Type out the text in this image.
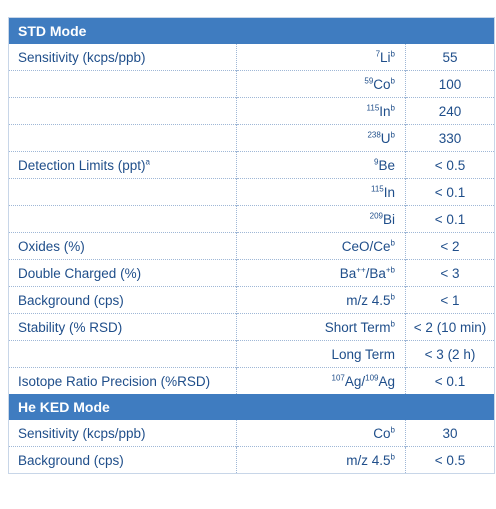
STD Mode
Sensitivity (kcps/ppb)	$^7$Li$^b$	55
	$^{59}$Co$^b$	100
	$^{115}$In$^b$	240
	$^{238}U^b$	330
Detection Limits (ppt)$^a$	$^9$Be	< 0.5
	$^{115}$In	< 0.1
	$^{209}$Bi	< 0.1
Oxides (%)	CeO/$Ce^b$	< 2
Double Charged (%)	$Ba^{++}/Ba^{+b}$	< 3
Background (cps)	m/z 4.5$^b$	< 1
Stability (% RSD)	Short Term$^b$	< 2 (10 min)
	Long Term	< 3 (2 h)
Isotope Ratio Precision (%RSD)	$^{107}$Ag/$^{109}$Ag	< 0.1
He KED Mode
Sensitivity (kcps/ppb)	Co$^b$	30
Background (cps)	m/z 4.5$^b$	< 0.5
